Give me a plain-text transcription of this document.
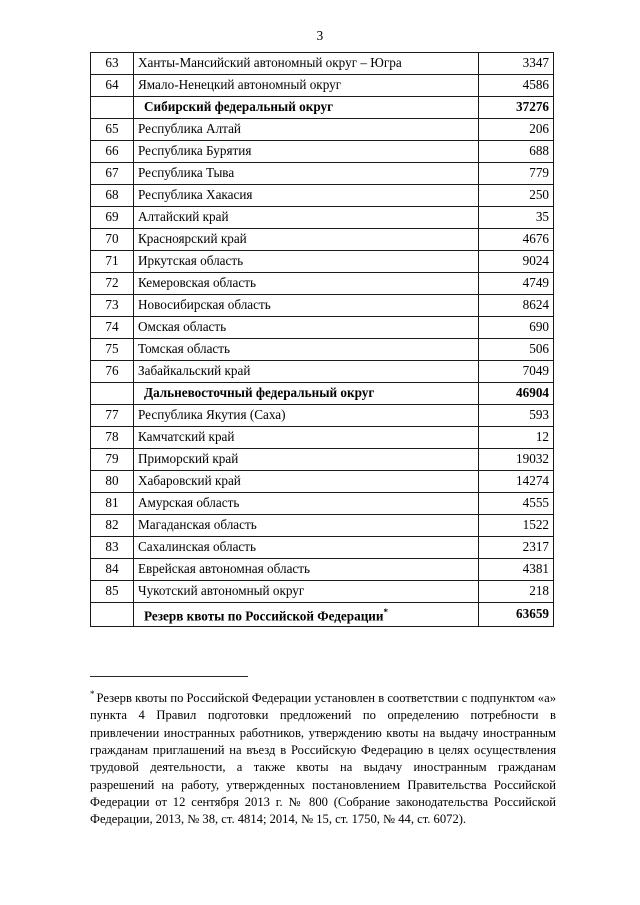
3
63	Ханты-Мансийский автономный округ – Югра	3347
64	Ямало-Ненецкий автономный округ	4586
	Сибирский федеральный округ	37276
65	Республика Алтай	206
66	Республика Бурятия	688
67	Республика Тыва	779
68	Республика Хакасия	250
69	Алтайский край	35
70	Красноярский край	4676
71	Иркутская область	9024
72	Кемеровская область	4749
73	Новосибирская область	8624
74	Омская область	690
75	Томская область	506
76	Забайкальский край	7049
	Дальневосточный федеральный округ	46904
77	Республика Якутия (Саха)	593
78	Камчатский край	12
79	Приморский край	19032
80	Хабаровский край	14274
81	Амурская область	4555
82	Магаданская область	1522
83	Сахалинская область	2317
84	Еврейская автономная область	4381
85	Чукотский автономный округ	218
	Резерв квоты по Российской Федерации*	63659
* Резерв квоты по Российской Федерации установлен в соответствии с подпунктом «а» пункта 4 Правил подготовки предложений по определению потребности в привлечении иностранных работников, утверждению квоты на выдачу иностранным гражданам приглашений на въезд в Российскую Федерацию в целях осуществления трудовой деятельности, а также квоты на выдачу иностранным гражданам разрешений на работу, утвержденных постановлением Правительства Российской Федерации от 12 сентября 2013 г. № 800 (Собрание законодательства Российской Федерации, 2013, № 38, ст. 4814; 2014, № 15, ст. 1750, № 44, ст. 6072).
